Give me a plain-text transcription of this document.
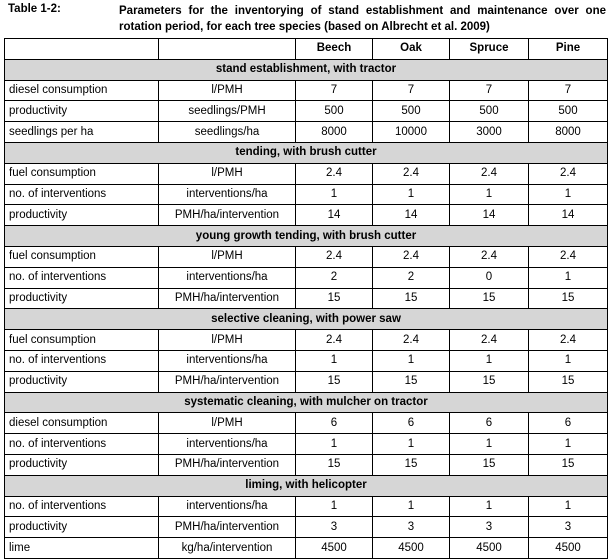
Table 1-2:	Parameters for the inventorying of stand establishment and maintenance over one rotation period, for each tree species (based on Albrecht et al. 2009)
		Beech	Oak	Spruce	Pine
stand establishment, with tractor					
diesel consumption	l/PMH	7	7	7	7
productivity	seedlings/PMH	500	500	500	500
seedlings per ha	seedlings/ha	8000	10000	3000	8000
tending, with brush cutter					
fuel consumption	l/PMH	2.4	2.4	2.4	2.4
no. of interventions	interventions/ha	1	1	1	1
productivity	PMH/ha/intervention	14	14	14	14
young growth tending, with brush cutter					
fuel consumption	l/PMH	2.4	2.4	2.4	2.4
no. of interventions	interventions/ha	2	2	0	1
productivity	PMH/ha/intervention	15	15	15	15
selective cleaning, with power saw					
fuel consumption	l/PMH	2.4	2.4	2.4	2.4
no. of interventions	interventions/ha	1	1	1	1
productivity	PMH/ha/intervention	15	15	15	15
systematic cleaning, with mulcher on tractor					
diesel consumption	l/PMH	6	6	6	6
no. of interventions	interventions/ha	1	1	1	1
productivity	PMH/ha/intervention	15	15	15	15
liming, with helicopter					
no. of interventions	interventions/ha	1	1	1	1
productivity	PMH/ha/intervention	3	3	3	3
lime	kg/ha/intervention	4500	4500	4500	4500
